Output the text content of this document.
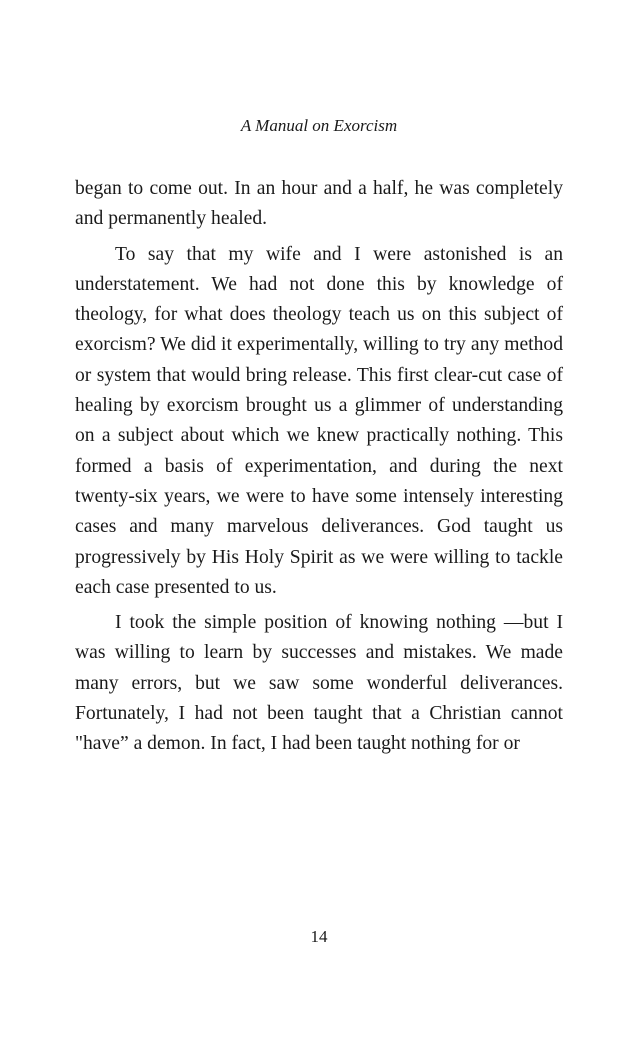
A Manual on Exorcism

began to come out. In an hour and a half, he was completely and permanently healed.

To say that my wife and I were astonished is an understatement. We had not done this by knowledge of theology, for what does theology teach us on this subject of exorcism? We did it experimentally, willing to try any method or system that would bring release. This first clear-cut case of healing by exorcism brought us a glimmer of understanding on a subject about which we knew practically nothing. This formed a basis of experimentation, and during the next twenty-six years, we were to have some intensely interesting cases and many marvelous deliverances. God taught us progressively by His Holy Spirit as we were willing to tackle each case presented to us.

I took the simple position of knowing nothing —but I was willing to learn by successes and mistakes. We made many errors, but we saw some wonderful deliverances. Fortunately, I had not been taught that a Christian cannot "have” a demon. In fact, I had been taught nothing for or

14
